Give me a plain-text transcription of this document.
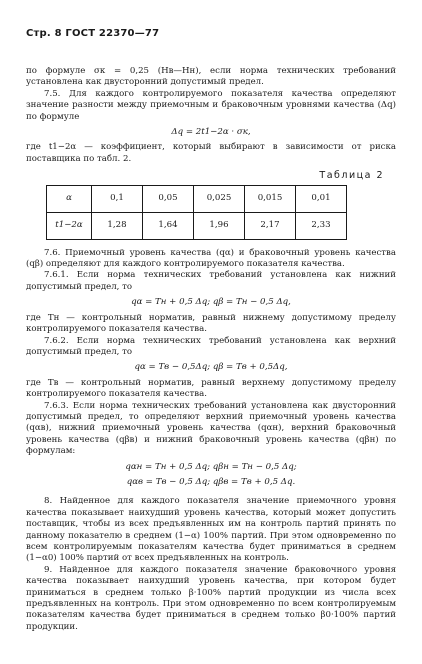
Стр. 8 ГОСТ 22370—77

по формуле σк = 0,25 (Hв—Hн), если норма технических требований установлена как двусторонний допустимый предел.

7.5. Для каждого контролируемого показателя качества определяют значение разности между приемочным и браковочным уровнями качества (Δq) по формуле

Δq = 2t1−2α · σк,

где t1−2α — коэффициент, который выбирают в зависимости от риска поставщика по табл. 2.

Таблица 2
α	0,1	0,05	0,025	0,015	0,01
t1−2α	1,28	1,64	1,96	2,17	2,33

7.6. Приемочный уровень качества (qα) и браковочный уровень качества (qβ) определяют для каждого контролируемого показателя качества.

7.6.1. Если норма технических требований установлена как нижний допустимый предел, то

qα = Tн + 0,5 Δq; qβ = Tн − 0,5 Δq,

где Tн — контрольный норматив, равный нижнему допустимому пределу контролируемого показателя качества.

7.6.2. Если норма технических требований установлена как верхний допустимый предел, то

qα = Tв − 0,5Δq; qβ = Tв + 0,5Δq,

где Tв — контрольный норматив, равный верхнему допустимому пределу контролируемого показателя качества.

7.6.3. Если норма технических требований установлена как двусторонний допустимый предел, то определяют верхний приемочный уровень качества (qαв), нижний приемочный уровень качества (qαн), верхний браковочный уровень качества (qβв) и нижний браковочный уровень качества (qβн) по формулам:

qαн = Tн + 0,5 Δq; qβн = Tн − 0,5 Δq;

qαв = Tв − 0,5 Δq; qβв = Tв + 0,5 Δq.

8. Найденное для каждого показателя значение приемочного уровня качества показывает наихудший уровень качества, который может допустить поставщик, чтобы из всех предъявленных им на контроль партий принять по данному показателю в среднем (1−α) 100% партий. При этом одновременно по всем контролируемым показателям качества будет приниматься в среднем (1−α0) 100% партий от всех предъявленных на контроль.

9. Найденное для каждого показателя значение браковочного уровня качества показывает наихудший уровень качества, при котором будет приниматься в среднем только β·100% партий продукции из числа всех предъявленных на контроль. При этом одновременно по всем контролируемым показателям качества будет приниматься в среднем только β0·100% партий продукции.
